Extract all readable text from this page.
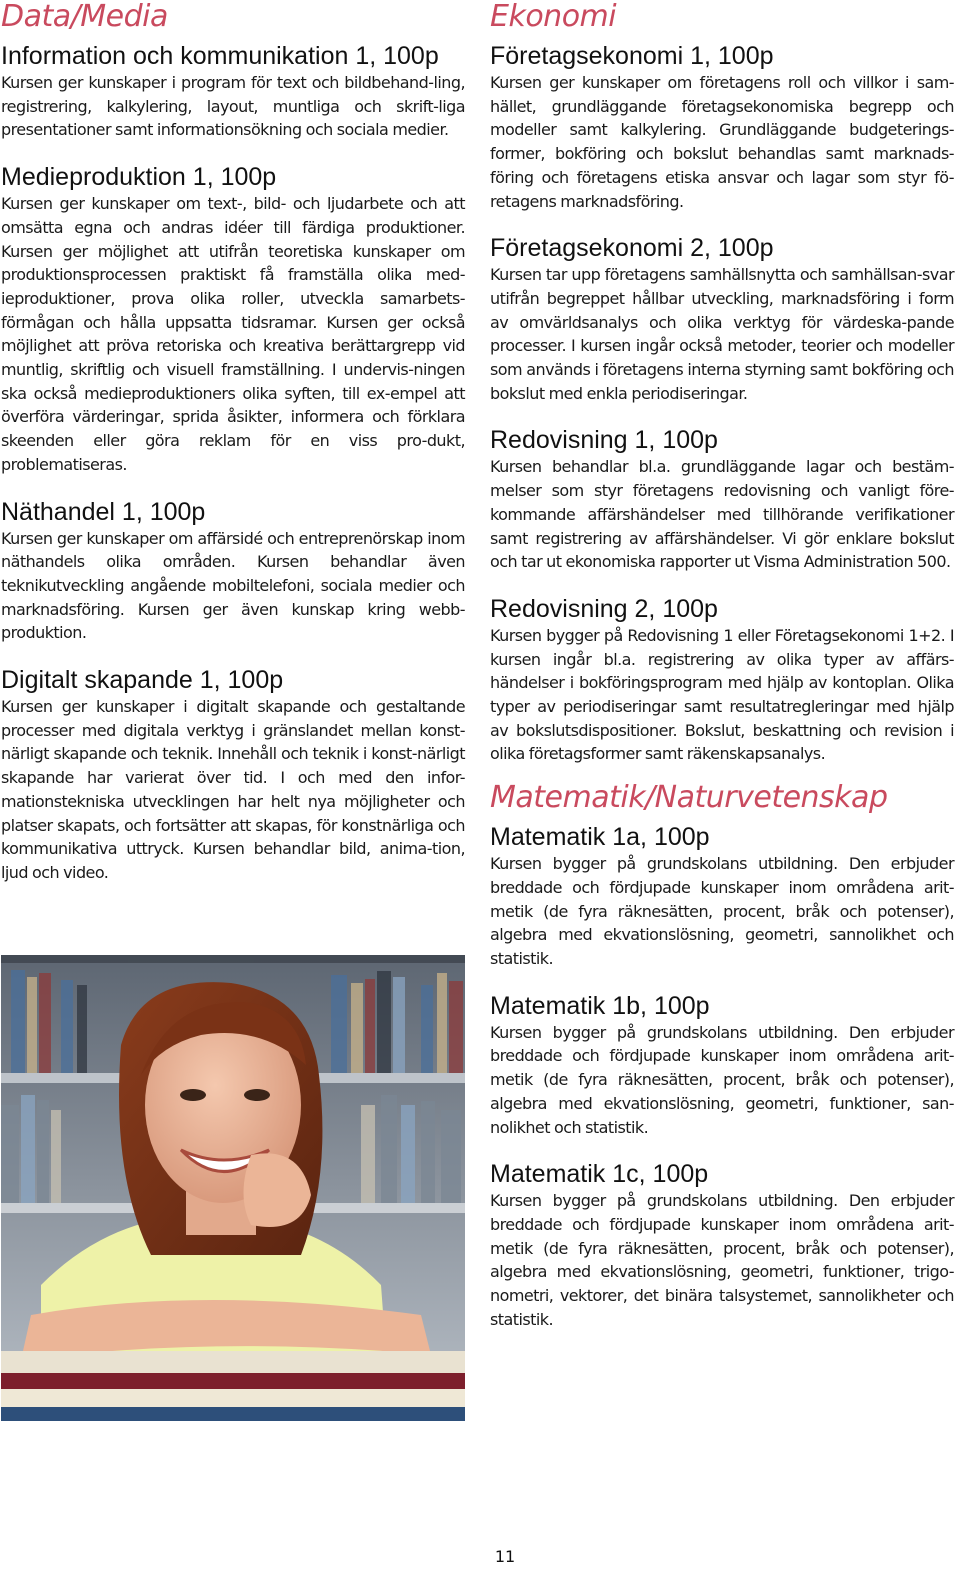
Data/Media
Information och kommunikation 1, 100p

Kursen ger kunskaper i program för text och bildbehand-ling, registrering, kalkylering, layout, muntliga och skrift-liga presentationer samt informationsökning och sociala medier.

Medieproduktion 1, 100p

Kursen ger kunskaper om text-, bild- och ljudarbete och att omsätta egna och andras idéer till färdiga produktioner. Kursen ger möjlighet att utifrån teoretiska kunskaper om produktionsprocessen praktiskt få framställa olika med-ieproduktioner, prova olika roller, utveckla samarbets-förmågan och hålla uppsatta tidsramar. Kursen ger också möjlighet att pröva retoriska och kreativa berättargrepp vid muntlig, skriftlig och visuell framställning. I undervis-ningen ska också medieproduktioners olika syften, till ex-empel att överföra värderingar, sprida åsikter, informera och förklara skeenden eller göra reklam för en viss pro-dukt, problematiseras.

Näthandel 1, 100p

Kursen ger kunskaper om affärsidé och entreprenörskap inom näthandels olika områden. Kursen behandlar även teknikutveckling angående mobiltelefoni, sociala medier och marknadsföring. Kursen ger även kunskap kring webb-produktion.

Digitalt skapande 1, 100p

Kursen ger kunskaper i digitalt skapande och gestaltande processer med digitala verktyg i gränslandet mellan konst-närligt skapande och teknik. Innehåll och teknik i konst-närligt skapande har varierat över tid. I och med den infor-mationstekniska utvecklingen har helt nya möjligheter och platser skapats, och fortsätter att skapas, för konstnärliga och kommunikativa uttryck. Kursen behandlar bild, anima-tion, ljud och video.

Ekonomi
Företagsekonomi 1, 100p

Kursen ger kunskaper om företagens roll och villkor i sam-hället, grundläggande företagsekonomiska begrepp och modeller samt kalkylering. Grundläggande budgeterings-former, bokföring och bokslut behandlas samt marknads-föring och företagens etiska ansvar och lagar som styr fö-retagens marknadsföring.

Företagsekonomi 2, 100p

Kursen tar upp företagens samhällsnytta och samhällsan-svar utifrån begreppet hållbar utveckling, marknadsföring i form av omvärldsanalys och olika verktyg för värdeska-pande processer. I kursen ingår också metoder, teorier och modeller som används i företagens interna styrning samt bokföring och bokslut med enkla periodiseringar.

Redovisning 1, 100p

Kursen behandlar bl.a. grundläggande lagar och bestäm-melser som styr företagens redovisning och vanligt före-kommande affärshändelser med tillhörande verifikationer samt registrering av affärshändelser. Vi gör enklare bokslut och tar ut ekonomiska rapporter ut Visma Administration 500.

Redovisning 2, 100p

Kursen bygger på Redovisning 1 eller Företagsekonomi 1+2. I kursen ingår bl.a. registrering av olika typer av affärs-händelser i bokföringsprogram med hjälp av kontoplan. Olika typer av periodiseringar samt resultatregleringar med hjälp av bokslutsdispositioner. Bokslut, beskattning och revision i olika företagsformer samt räkenskapsanalys.

Matematik/Naturvetenskap
Matematik 1a, 100p

Kursen bygger på grundskolans utbildning. Den erbjuder breddade och fördjupade kunskaper inom områdena arit-metik (de fyra räknesätten, procent, bråk och potenser), algebra med ekvationslösning, geometri, sannolikhet och statistik.

Matematik 1b, 100p

Kursen bygger på grundskolans utbildning. Den erbjuder breddade och fördjupade kunskaper inom områdena arit-metik (de fyra räknesätten, procent, bråk och potenser), algebra med ekvationslösning, geometri, funktioner, san-nolikhet och statistik.

Matematik 1c, 100p

Kursen bygger på grundskolans utbildning. Den erbjuder breddade och fördjupade kunskaper inom områdena arit-metik (de fyra räknesätten, procent, bråk och potenser), algebra med ekvationslösning, geometri, funktioner, trigo-nometri, vektorer, det binära talsystemet, sannolikheter och statistik.

11
